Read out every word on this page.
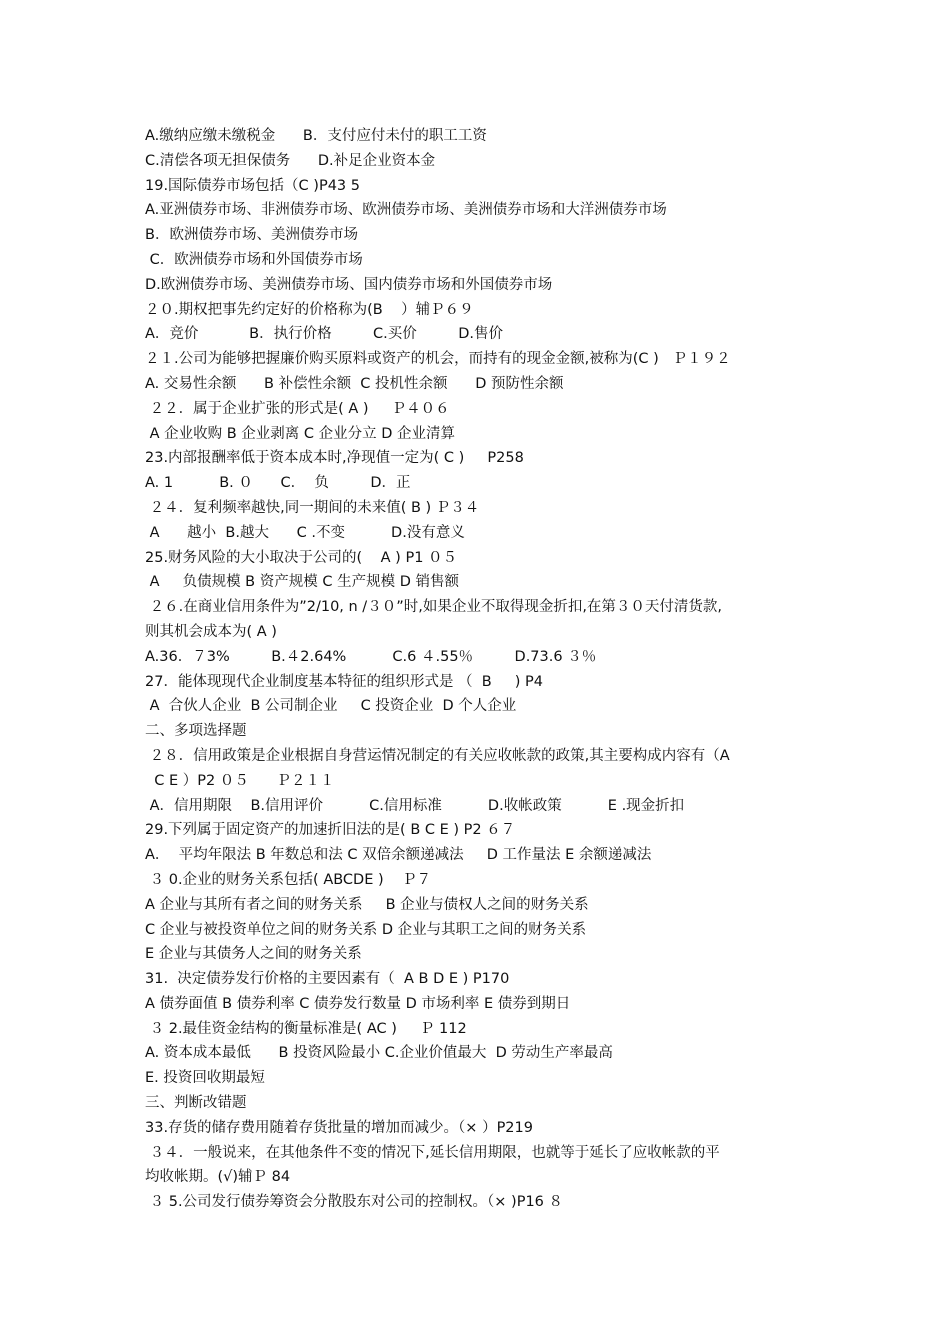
A.缴纳应缴未缴税金      B．支付应付未付的职工工资
C.清偿各项无担保债务      D.补足企业资本金
19.国际债券市场包括（C )P43 5
A.亚洲债券市场、非洲债券市场、欧洲债券市场、美洲债券市场和大洋洲债券市场
B．欧洲债券市场、美洲债券市场
C．欧洲债券市场和外国债券市场
D.欧洲债券市场、美洲债券市场、国内债券市场和外国债券市场
２０.期权把事先约定好的价格称为(B    ）辅Ｐ６９
A．竞价           B．执行价格         C.买价         D.售价
２１.公司为能够把握廉价购买原料或资产的机会，而持有的现金金额,被称为(C )   Ｐ１９２
A. 交易性余额      B 补偿性余额  C 投机性余额      D 预防性余额
２２．属于企业扩张的形式是( A )     Ｐ４０６
A 企业收购 B 企业剥离 C 企业分立 D 企业清算
23.内部报酬率低于资本成本时,净现值一定为( C )     P258
A. 1          B. ０      C．  负         D．正
２４．复利频率越快,同一期间的未来值( B ) Ｐ３４
A      越小  B.越大      C .不变          D.没有意义
25.财务风险的大小取决于公司的(    A ) P1 ０５
A     负债规模 B 资产规模 C 生产规模 D 销售额
２６.在商业信用条件为”2/10, n /３０”时,如果企业不取得现金折扣,在第３０天付清货款,
则其机会成本为( A )
A.36．７3%         B.４2.64%          C.6 ４.55％         D.73.6 ３％
27．能体现现代企业制度基本特征的组织形式是 （  B     ) P4
A  合伙人企业  B 公司制企业     C 投资企业  D 个人企业
二、多项选择题
２８．信用政策是企业根据自身营运情况制定的有关应收帐款的政策,其主要构成内容有（A
C E ）P2 ０５      Ｐ２１１
A．信用期限    B.信用评价          C.信用标准          D.收帐政策          E .现金折扣
29.下列属于固定资产的加速折旧法的是( B C E ) P2 ６７
A．  平均年限法 B 年数总和法 C 双倍余额递减法     D 工作量法 E 余额递减法
３ 0.企业的财务关系包括( ABCDE )    Ｐ７
A 企业与其所有者之间的财务关系     B 企业与债权人之间的财务关系
C 企业与被投资单位之间的财务关系 D 企业与其职工之间的财务关系
E 企业与其债务人之间的财务关系
31.  决定债券发行价格的主要因素有（  A B D E ) P170
A 债券面值 B 债券利率 C 债券发行数量 D 市场利率 E 债券到期日
３ 2.最佳资金结构的衡量标准是( AC )     Ｐ 112
A. 资本成本最低      B 投资风险最小 C.企业价值最大  D 劳动生产率最高
E. 投资回收期最短
三、判断改错题
33.存货的储存费用随着存货批量的增加而减少。（× ）P219
３４．一般说来，在其他条件不变的情况下,延长信用期限，也就等于延长了应收帐款的平
均收帐期。(√)辅Ｐ 84
３ 5.公司发行债券筹资会分散股东对公司的控制权。（× )P16 ８
